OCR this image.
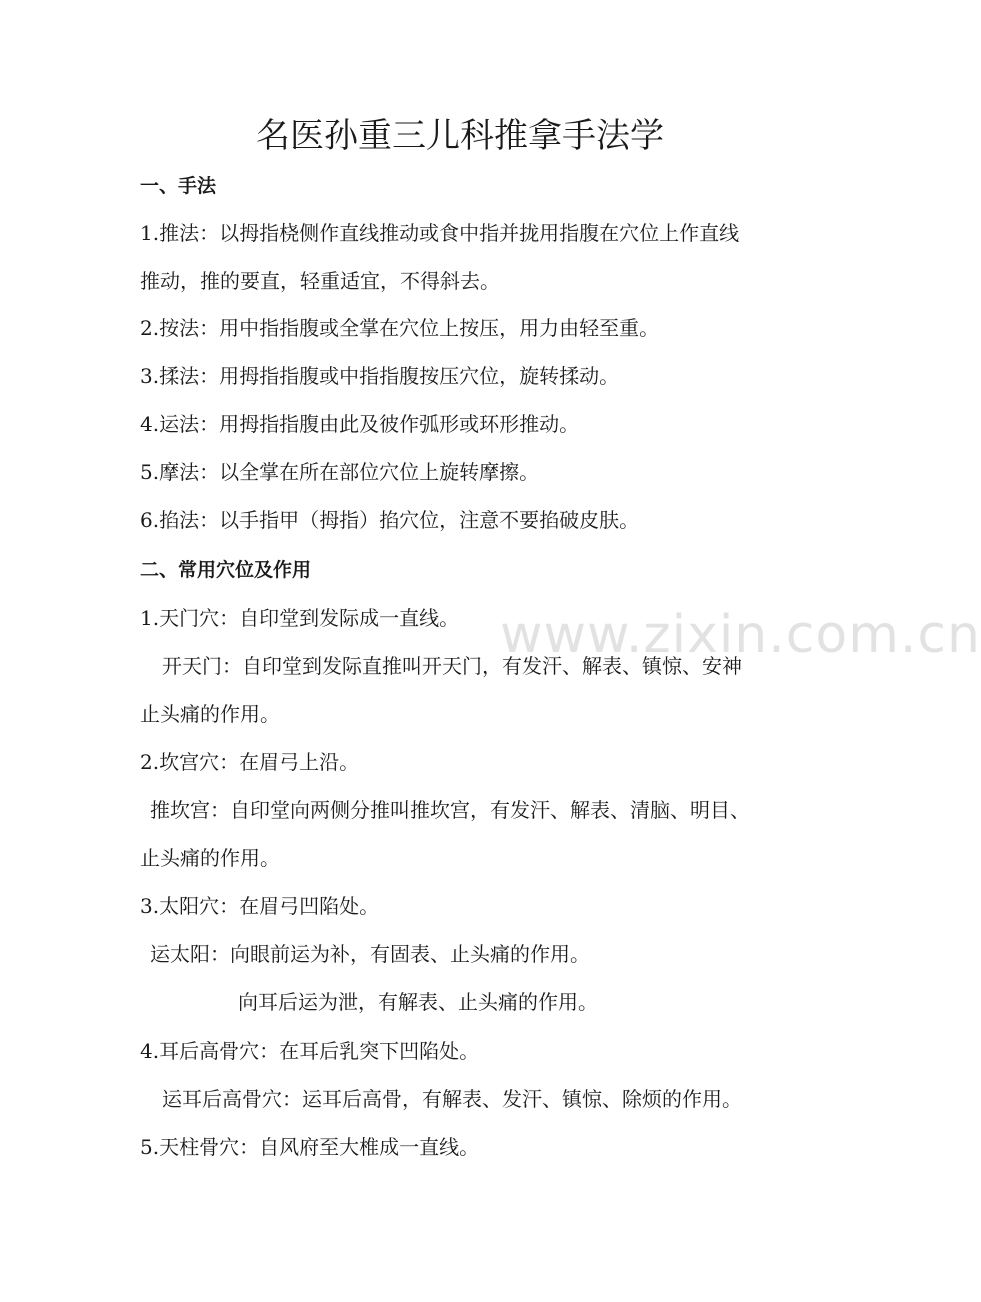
名医孙重三儿科推拿手法学
www.zixin.com.cn
一、手法
1.推法：以拇指桡侧作直线推动或食中指并拢用指腹在穴位上作直线
推动，推的要直，轻重适宜，不得斜去。
2.按法：用中指指腹或全掌在穴位上按压，用力由轻至重。
3.揉法：用拇指指腹或中指指腹按压穴位，旋转揉动。
4.运法：用拇指指腹由此及彼作弧形或环形推动。
5.摩法：以全掌在所在部位穴位上旋转摩擦。
6.掐法：以手指甲（拇指）掐穴位，注意不要掐破皮肤。
二、常用穴位及作用
1.天门穴：自印堂到发际成一直线。
开天门：自印堂到发际直推叫开天门，有发汗、解表、镇惊、安神
止头痛的作用。
2.坎宫穴：在眉弓上沿。
推坎宫：自印堂向两侧分推叫推坎宫，有发汗、解表、清脑、明目、
止头痛的作用。
3.太阳穴：在眉弓凹陷处。
运太阳：向眼前运为补，有固表、止头痛的作用。
向耳后运为泄，有解表、止头痛的作用。
4.耳后高骨穴：在耳后乳突下凹陷处。
运耳后高骨穴：运耳后高骨，有解表、发汗、镇惊、除烦的作用。
5.天柱骨穴：自风府至大椎成一直线。
